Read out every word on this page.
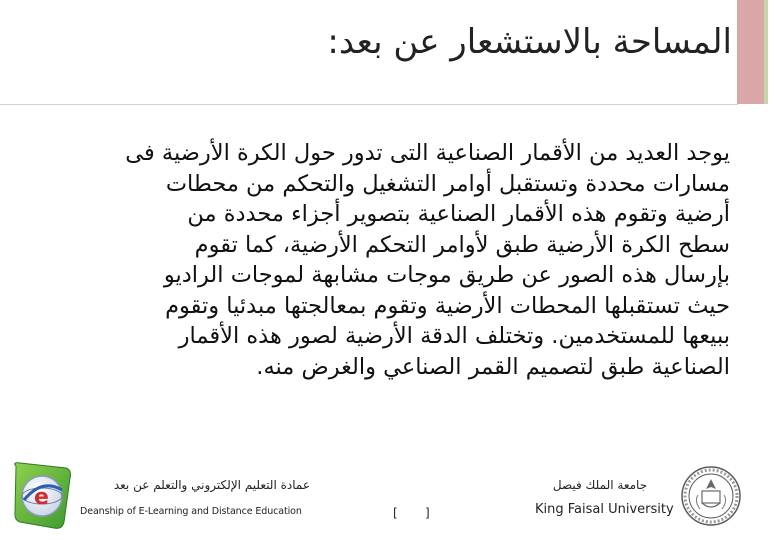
المساحة بالاستشعار عن بعد:
يوجد العديد من الأقمار الصناعية التى تدور حول الكرة الأرضية فى
مسارات محددة وتستقبل أوامر التشغيل والتحكم من محطات
أرضية وتقوم هذه الأقمار الصناعية بتصوير أجزاء محددة من
سطح الكرة الأرضية طبق لأوامر التحكم الأرضية، كما تقوم
بإرسال هذه الصور عن طريق موجات مشابهة لموجات الراديو
حيث تستقبلها المحطات الأرضية وتقوم بمعالجتها مبدئيا وتقوم
ببيعها للمستخدمين. وتختلف الدقة الأرضية لصور هذه الأقمار
الصناعية طبق لتصميم القمر الصناعي والغرض منه.
e	عمادة التعليم الإلكتروني والتعلم عن بعد
Deanship of E-Learning and Distance Education	[ ]
جامعة الملك فيصل
King Faisal University
